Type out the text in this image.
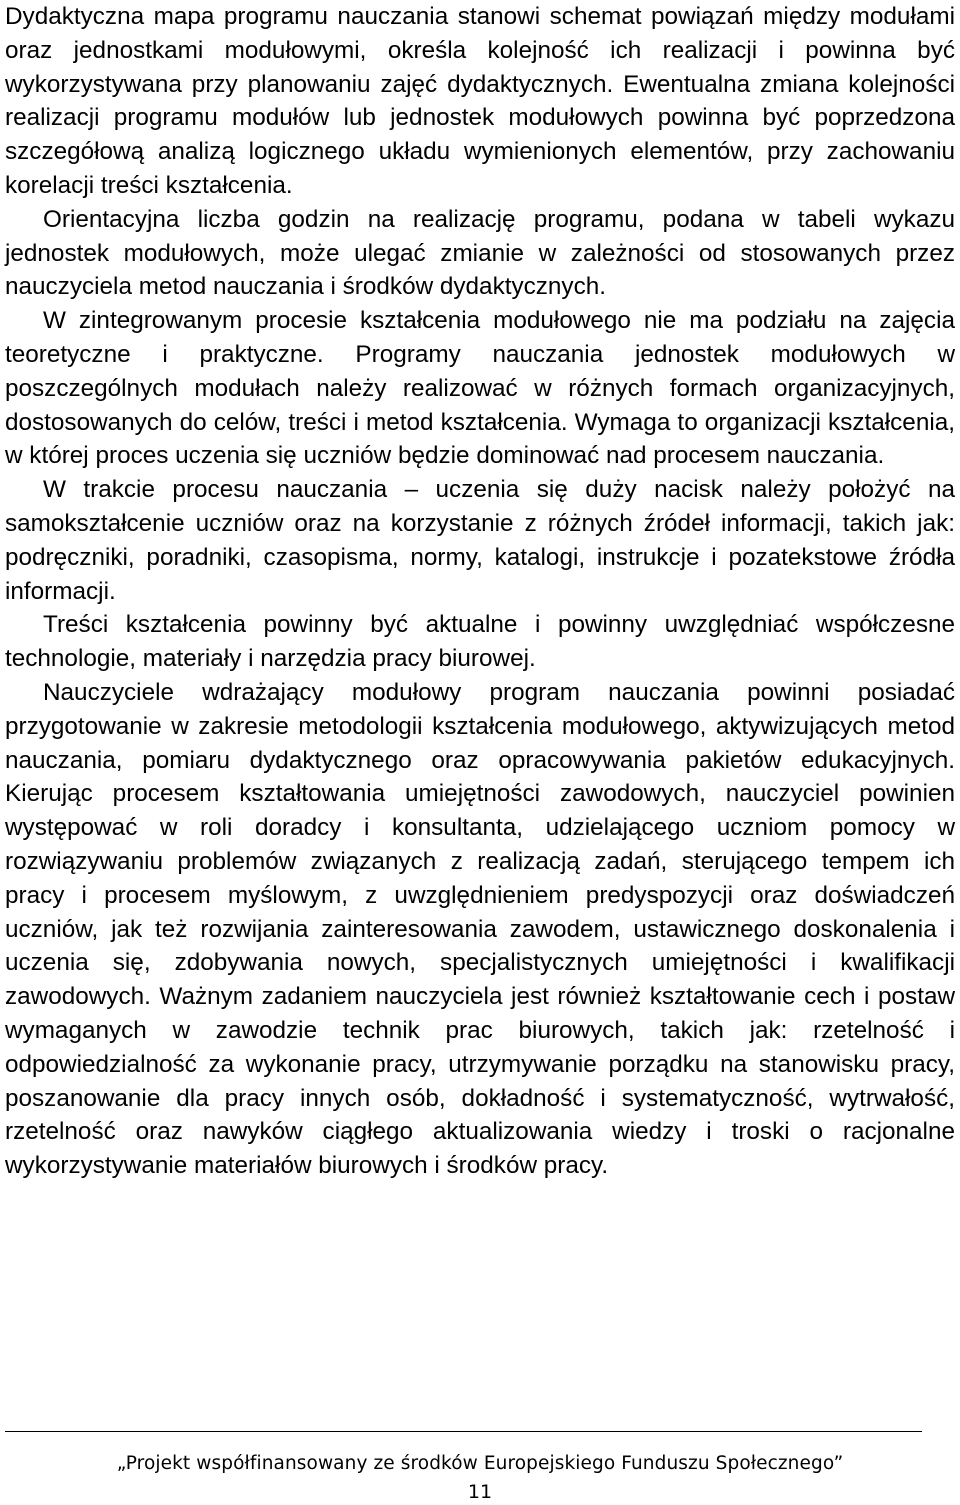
Dydaktyczna mapa programu nauczania stanowi schemat powiązań między modułami oraz jednostkami modułowymi, określa kolejność ich realizacji i powinna być wykorzystywana przy planowaniu zajęć dydaktycznych. Ewentualna zmiana kolejności realizacji programu modułów lub jednostek modułowych powinna być poprzedzona szczegółową analizą logicznego układu wymienionych elementów, przy zachowaniu korelacji treści kształcenia.

Orientacyjna liczba godzin na realizację programu, podana w tabeli wykazu jednostek modułowych, może ulegać zmianie w zależności od stosowanych przez nauczyciela metod nauczania i środków dydaktycznych.

W zintegrowanym procesie kształcenia modułowego nie ma podziału na zajęcia teoretyczne i praktyczne. Programy nauczania jednostek modułowych w poszczególnych modułach należy realizować w różnych formach organizacyjnych, dostosowanych do celów, treści i metod kształcenia. Wymaga to organizacji kształcenia, w której proces uczenia się uczniów będzie dominować nad procesem nauczania.

W trakcie procesu nauczania – uczenia się duży nacisk należy położyć na samokształcenie uczniów oraz na korzystanie z różnych źródeł informacji, takich jak: podręczniki, poradniki, czasopisma, normy, katalogi, instrukcje i pozatekstowe źródła informacji.

Treści kształcenia powinny być aktualne i powinny uwzględniać współczesne technologie, materiały i narzędzia pracy biurowej.

Nauczyciele wdrażający modułowy program nauczania powinni posiadać przygotowanie w zakresie metodologii kształcenia modułowego, aktywizujących metod nauczania, pomiaru dydaktycznego oraz opracowywania pakietów edukacyjnych. Kierując procesem kształtowania umiejętności zawodowych, nauczyciel powinien występować w roli doradcy i konsultanta, udzielającego uczniom pomocy w rozwiązywaniu problemów związanych z realizacją zadań, sterującego tempem ich pracy i procesem myślowym, z uwzględnieniem predyspozycji oraz doświadczeń uczniów, jak też rozwijania zainteresowania zawodem, ustawicznego doskonalenia i uczenia się, zdobywania nowych, specjalistycznych umiejętności i kwalifikacji zawodowych. Ważnym zadaniem nauczyciela jest również kształtowanie cech i postaw wymaganych w zawodzie technik prac biurowych, takich jak: rzetelność i odpowiedzialność za wykonanie pracy, utrzymywanie porządku na stanowisku pracy, poszanowanie dla pracy innych osób, dokładność i systematyczność, wytrwałość, rzetelność oraz nawyków ciągłego aktualizowania wiedzy i troski o racjonalne wykorzystywanie materiałów biurowych i środków pracy.

„Projekt współfinansowany ze środków Europejskiego Funduszu Społecznego”
11
